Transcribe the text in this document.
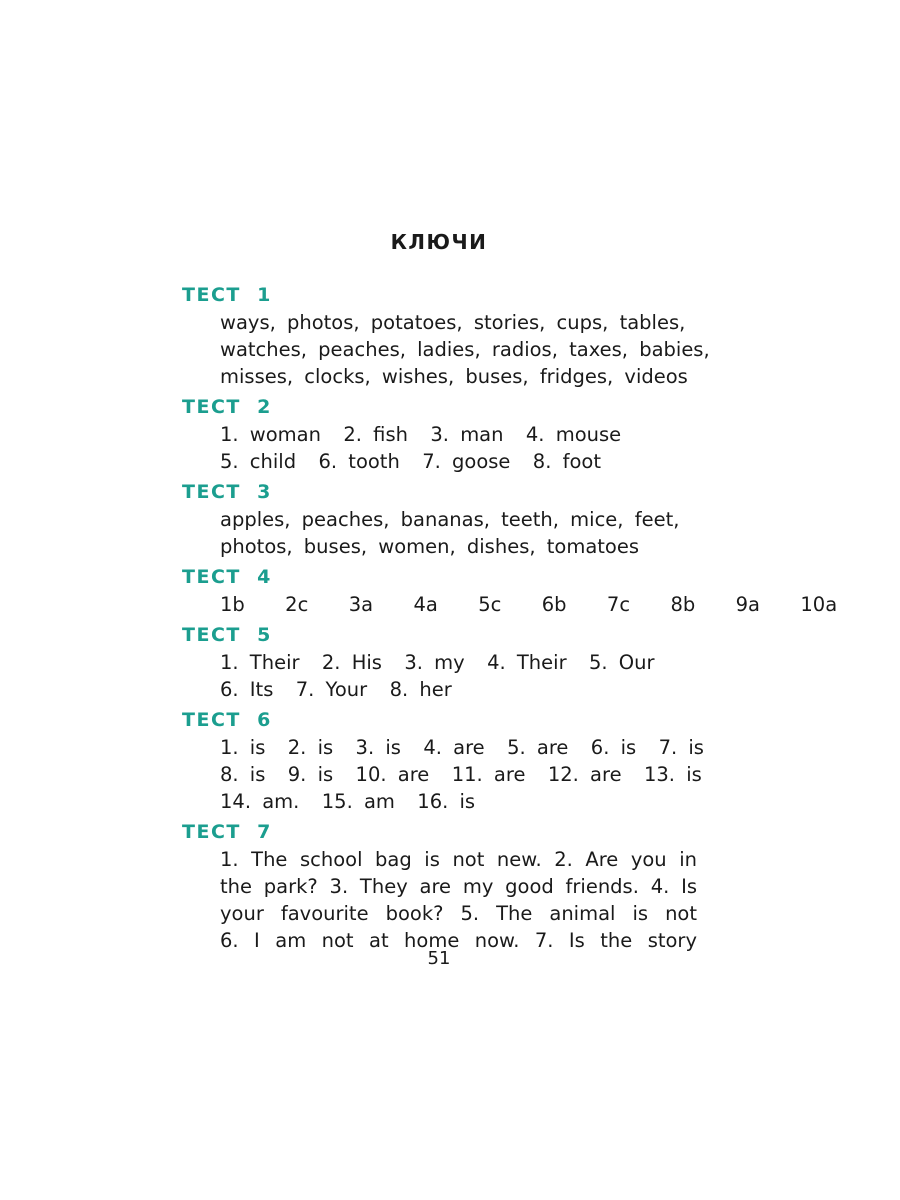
КЛЮЧИ
ТЕСТ  1
ways, photos, potatoes, stories, cups, tables,
watches, peaches, ladies, radios, taxes, babies,
misses, clocks, wishes, buses, fridges, videos
ТЕСТ  2
1. woman  2. fish  3. man  4. mouse
5. child  6. tooth  7. goose  8. foot
ТЕСТ  3
apples, peaches, bananas, teeth, mice, feet,
photos, buses, women, dishes, tomatoes
ТЕСТ  4
1b  2c  3a  4a  5c  6b  7c  8b  9a  10a
ТЕСТ  5
1. Their  2. His  3. my  4. Their  5. Our
6. Its  7. Your  8. her
ТЕСТ  6
1. is  2. is  3. is  4. are  5. are  6. is  7. is
8. is  9. is  10. are  11. are  12. are  13. is
14. am.  15. am  16. is
ТЕСТ  7
1. The school bag is not new. 2. Are you in
the park? 3. They are my good friends. 4. Is
your favourite book? 5. The animal is not
6. I am not at home now. 7. Is the story
51
